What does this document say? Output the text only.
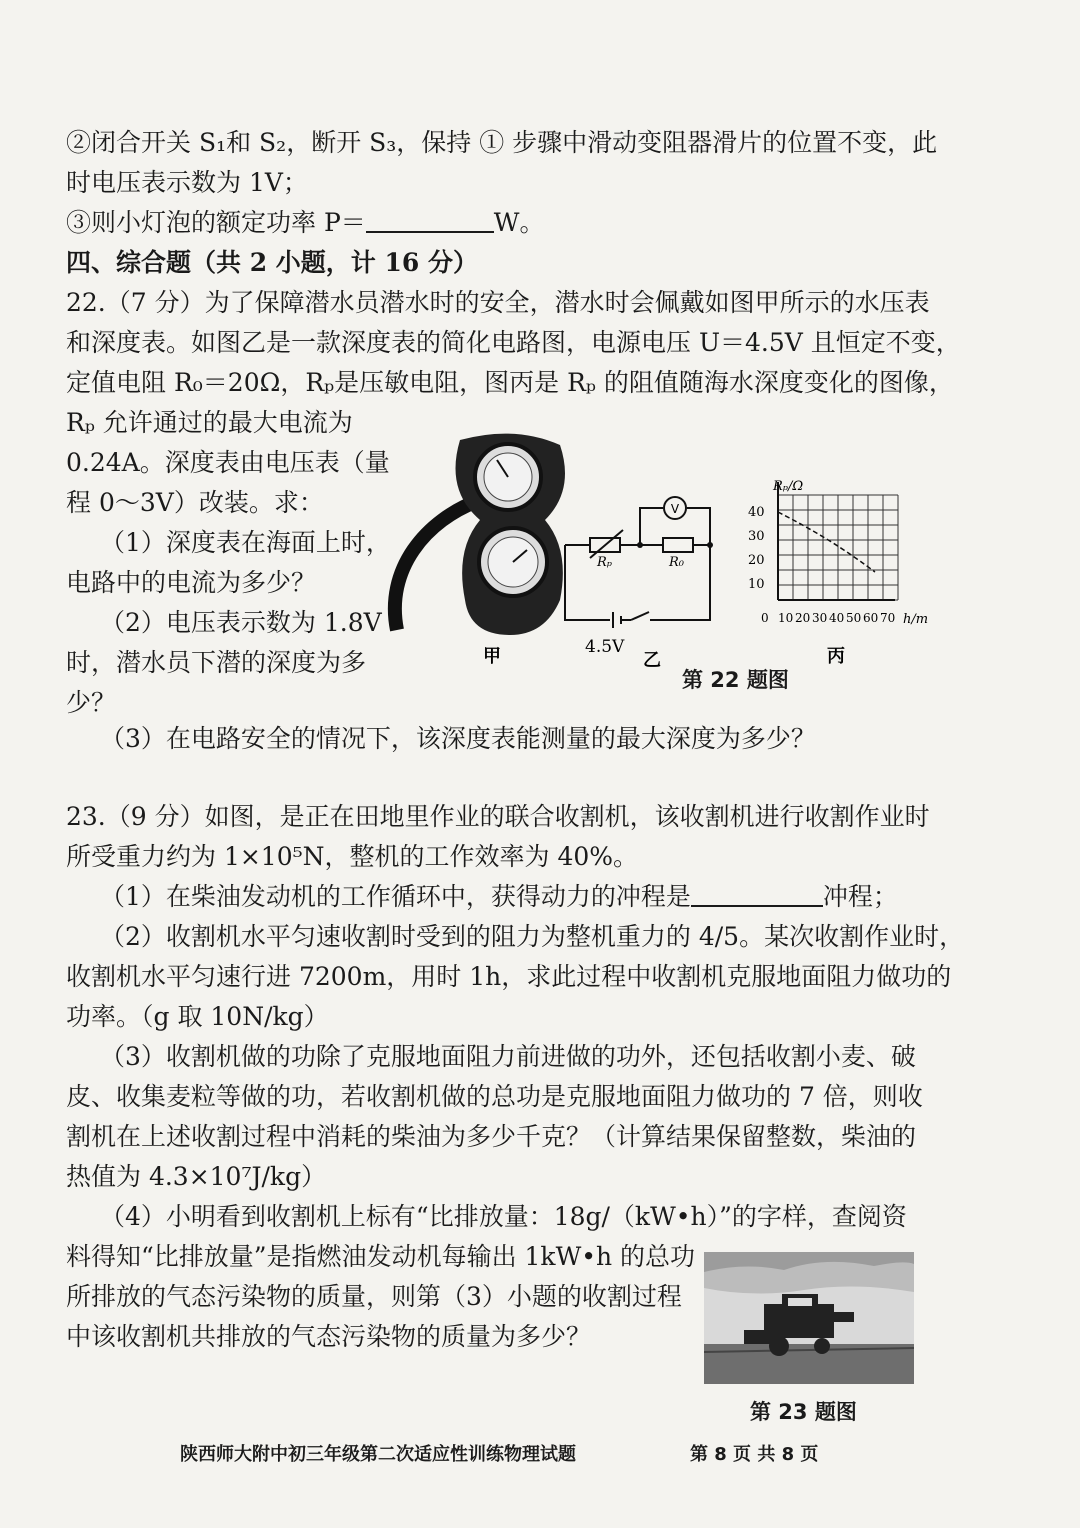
②闭合开关 S₁和 S₂，断开 S₃，保持 ① 步骤中滑动变阻器滑片的位置不变，此
时电压表示数为 1V；
③则小灯泡的额定功率 P＝	W。
四、综合题（共 2 小题，计 16 分）
22.（7 分）为了保障潜水员潜水时的安全，潜水时会佩戴如图甲所示的水压表
和深度表。如图乙是一款深度表的简化电路图，电源电压 U＝4.5V 且恒定不变，
定值电阻 R₀＝20Ω，Rₚ是压敏电阻，图丙是 Rₚ 的阻值随海水深度变化的图像，
Rₚ 允许通过的最大电流为
0.24A。深度表由电压表（量
程 0～3V）改装。求：
（1）深度表在海面上时，
电路中的电流为多少？
（2）电压表示数为 1.8V
时，潜水员下潜的深度为多
少？
（3）在电路安全的情况下，该深度表能测量的最大深度为多少？
甲
V
Rₚ	R₀
4.5V
乙
Rₚ/Ω
h/m
40
30
20
10
0 10 20 30 40 50 60 70
丙
第 22 题图
23.（9 分）如图，是正在田地里作业的联合收割机，该收割机进行收割作业时
所受重力约为 1×10⁵N，整机的工作效率为 40%。
（1）在柴油发动机的工作循环中，获得动力的冲程是	冲程；
（2）收割机水平匀速收割时受到的阻力为整机重力的 4/5。某次收割作业时，
收割机水平匀速行进 7200m，用时 1h，求此过程中收割机克服地面阻力做功的
功率。（g 取 10N/kg）
（3）收割机做的功除了克服地面阻力前进做的功外，还包括收割小麦、破
皮、收集麦粒等做的功，若收割机做的总功是克服地面阻力做功的 7 倍，则收
割机在上述收割过程中消耗的柴油为多少千克？（计算结果保留整数，柴油的
热值为 4.3×10⁷J/kg）
（4）小明看到收割机上标有“比排放量：18g/（kW•h）”的字样，查阅资
料得知“比排放量”是指燃油发动机每输出 1kW•h 的总功
所排放的气态污染物的质量，则第（3）小题的收割过程
中该收割机共排放的气态污染物的质量为多少？
第 23 题图
陕西师大附中初三年级第二次适应性训练物理试题	第 8 页 共 8 页
